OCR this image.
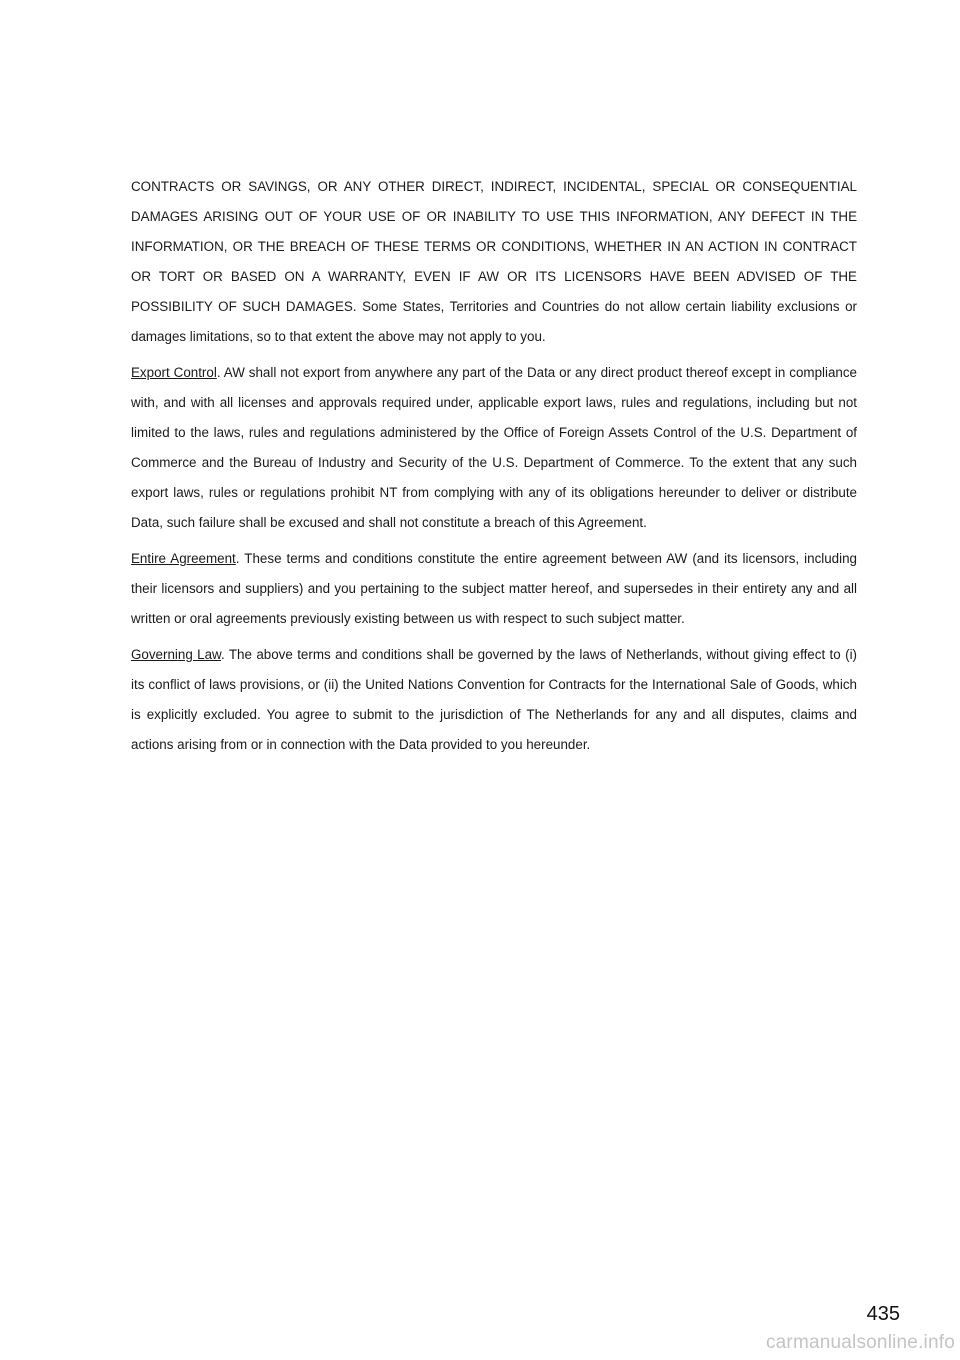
CONTRACTS OR SAVINGS, OR ANY OTHER DIRECT, INDIRECT, INCIDENTAL, SPECIAL OR CONSEQUENTIAL DAMAGES ARISING OUT OF YOUR USE OF OR INABILITY TO USE THIS INFORMATION, ANY DEFECT IN THE INFORMATION, OR THE BREACH OF THESE TERMS OR CONDITIONS, WHETHER IN AN ACTION IN CONTRACT OR TORT OR BASED ON A WARRANTY, EVEN IF AW OR ITS LICENSORS HAVE BEEN ADVISED OF THE POSSIBILITY OF SUCH DAMAGES. Some States, Territories and Countries do not allow certain liability exclusions or damages limitations, so to that extent the above may not apply to you.

Export Control. AW shall not export from anywhere any part of the Data or any direct product thereof except in compliance with, and with all licenses and approvals required under, applicable export laws, rules and regulations, including but not limited to the laws, rules and regulations administered by the Office of Foreign Assets Control of the U.S. Department of Commerce and the Bureau of Industry and Security of the U.S. Department of Commerce. To the extent that any such export laws, rules or regulations prohibit NT from complying with any of its obligations hereunder to deliver or distribute Data, such failure shall be excused and shall not constitute a breach of this Agreement.

Entire Agreement. These terms and conditions constitute the entire agreement between AW (and its licensors, including their licensors and suppliers) and you pertaining to the subject matter hereof, and supersedes in their entirety any and all written or oral agreements previously existing between us with respect to such subject matter.

Governing Law. The above terms and conditions shall be governed by the laws of Netherlands, without giving effect to (i) its conflict of laws provisions, or (ii) the United Nations Convention for Contracts for the International Sale of Goods, which is explicitly excluded. You agree to submit to the jurisdiction of The Netherlands for any and all disputes, claims and actions arising from or in connection with the Data provided to you hereunder.

435
carmanualsonline.info
